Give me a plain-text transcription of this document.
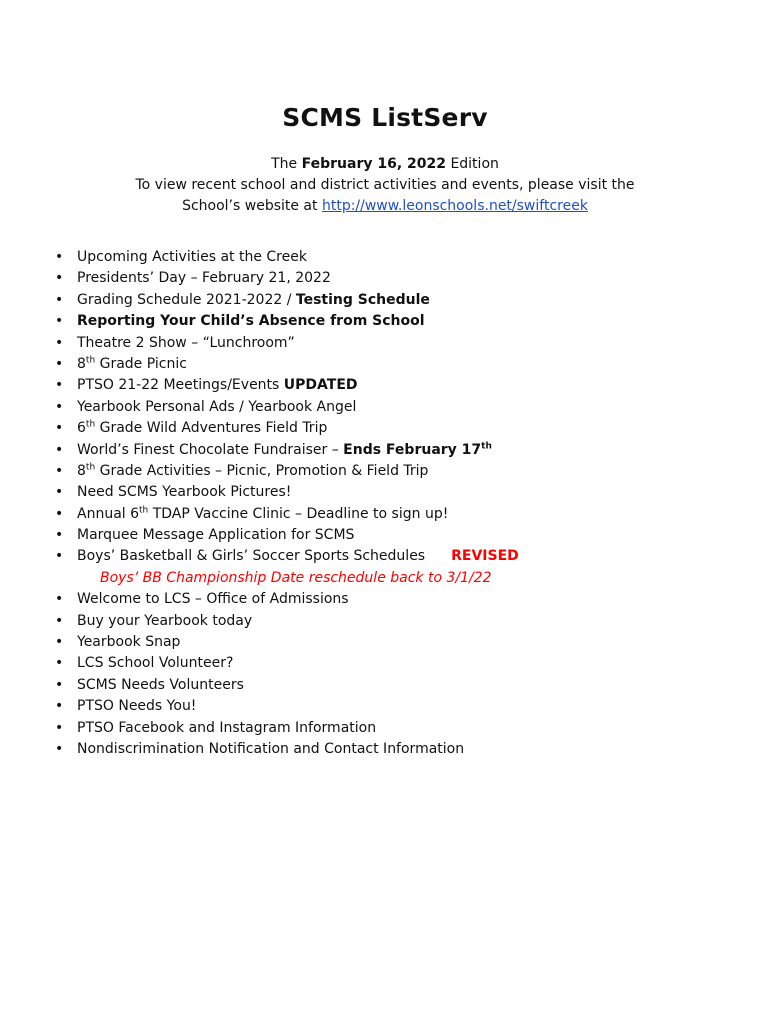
SCMS ListServ
The February 16, 2022 Edition
To view recent school and district activities and events, please visit the School’s website at http://www.leonschools.net/swiftcreek
• Upcoming Activities at the Creek
• Presidents’ Day – February 21, 2022
• Grading Schedule 2021-2022 / Testing Schedule
• Reporting Your Child’s Absence from School
• Theatre 2 Show – “Lunchroom”
• 8th Grade Picnic
• PTSO 21-22 Meetings/Events UPDATED
• Yearbook Personal Ads / Yearbook Angel
• 6th Grade Wild Adventures Field Trip
• World’s Finest Chocolate Fundraiser – Ends February 17th
• 8th Grade Activities – Picnic, Promotion & Field Trip
• Need SCMS Yearbook Pictures!
• Annual 6th TDAP Vaccine Clinic – Deadline to sign up!
• Marquee Message Application for SCMS
• Boys’ Basketball & Girls’ Soccer Sports Schedules REVISED
Boys’ BB Championship Date reschedule back to 3/1/22
• Welcome to LCS – Office of Admissions
• Buy your Yearbook today
• Yearbook Snap
• LCS School Volunteer?
• SCMS Needs Volunteers
• PTSO Needs You!
• PTSO Facebook and Instagram Information
• Nondiscrimination Notification and Contact Information
